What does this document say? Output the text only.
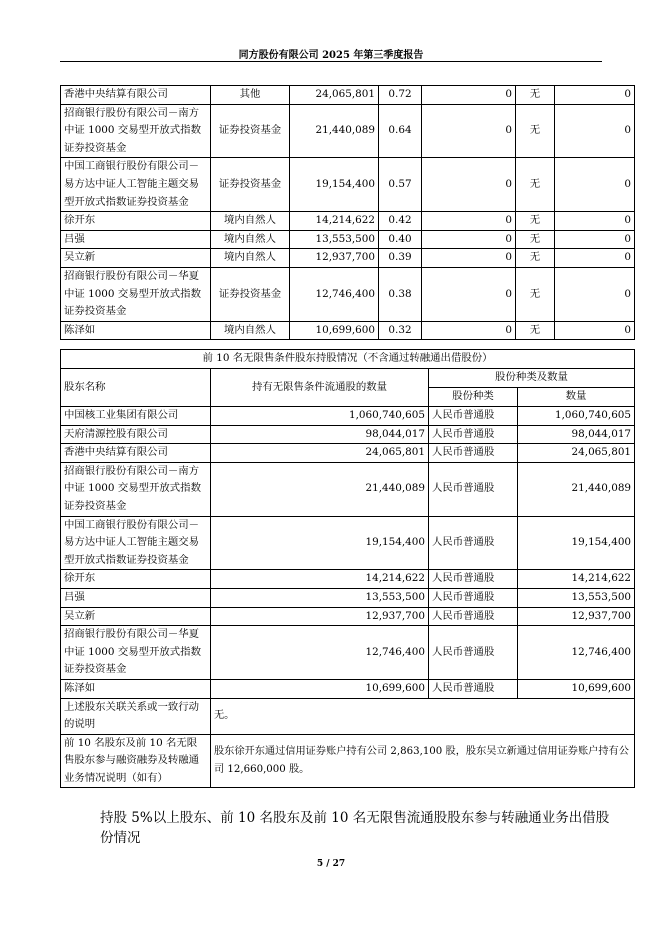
同方股份有限公司 2025 年第三季度报告
香港中央结算有限公司	其他	24,065,801	0.72	0	无	0
招商银行股份有限公司－南方中证 1000 交易型开放式指数证券投资基金	证券投资基金	21,440,089	0.64	0	无	0
中国工商银行股份有限公司－易方达中证人工智能主题交易型开放式指数证券投资基金	证券投资基金	19,154,400	0.57	0	无	0
徐开东	境内自然人	14,214,622	0.42	0	无	0
吕强	境内自然人	13,553,500	0.40	0	无	0
吴立新	境内自然人	12,937,700	0.39	0	无	0
招商银行股份有限公司－华夏中证 1000 交易型开放式指数证券投资基金	证券投资基金	12,746,400	0.38	0	无	0
陈泽如	境内自然人	10,699,600	0.32	0	无	0
前 10 名无限售条件股东持股情况（不含通过转融通出借股份）			
股东名称	持有无限售条件流通股的数量	股份种类及数量	
		股份种类	数量
中国核工业集团有限公司	1,060,740,605	人民币普通股	1,060,740,605
天府清源控股有限公司	98,044,017	人民币普通股	98,044,017
香港中央结算有限公司	24,065,801	人民币普通股	24,065,801
招商银行股份有限公司－南方中证 1000 交易型开放式指数证券投资基金	21,440,089	人民币普通股	21,440,089
中国工商银行股份有限公司－易方达中证人工智能主题交易型开放式指数证券投资基金	19,154,400	人民币普通股	19,154,400
徐开东	14,214,622	人民币普通股	14,214,622
吕强	13,553,500	人民币普通股	13,553,500
吴立新	12,937,700	人民币普通股	12,937,700
招商银行股份有限公司－华夏中证 1000 交易型开放式指数证券投资基金	12,746,400	人民币普通股	12,746,400
陈泽如	10,699,600	人民币普通股	10,699,600
上述股东关联关系或一致行动的说明	无。		
前 10 名股东及前 10 名无限售股东参与融资融券及转融通业务情况说明（如有）	股东徐开东通过信用证券账户持有公司 2,863,100 股，股东吴立新通过信用证券账户持有公司 12,660,000 股。		
持股 5%以上股东、前 10 名股东及前 10 名无限售流通股股东参与转融通业务出借股份情况
5 / 27
